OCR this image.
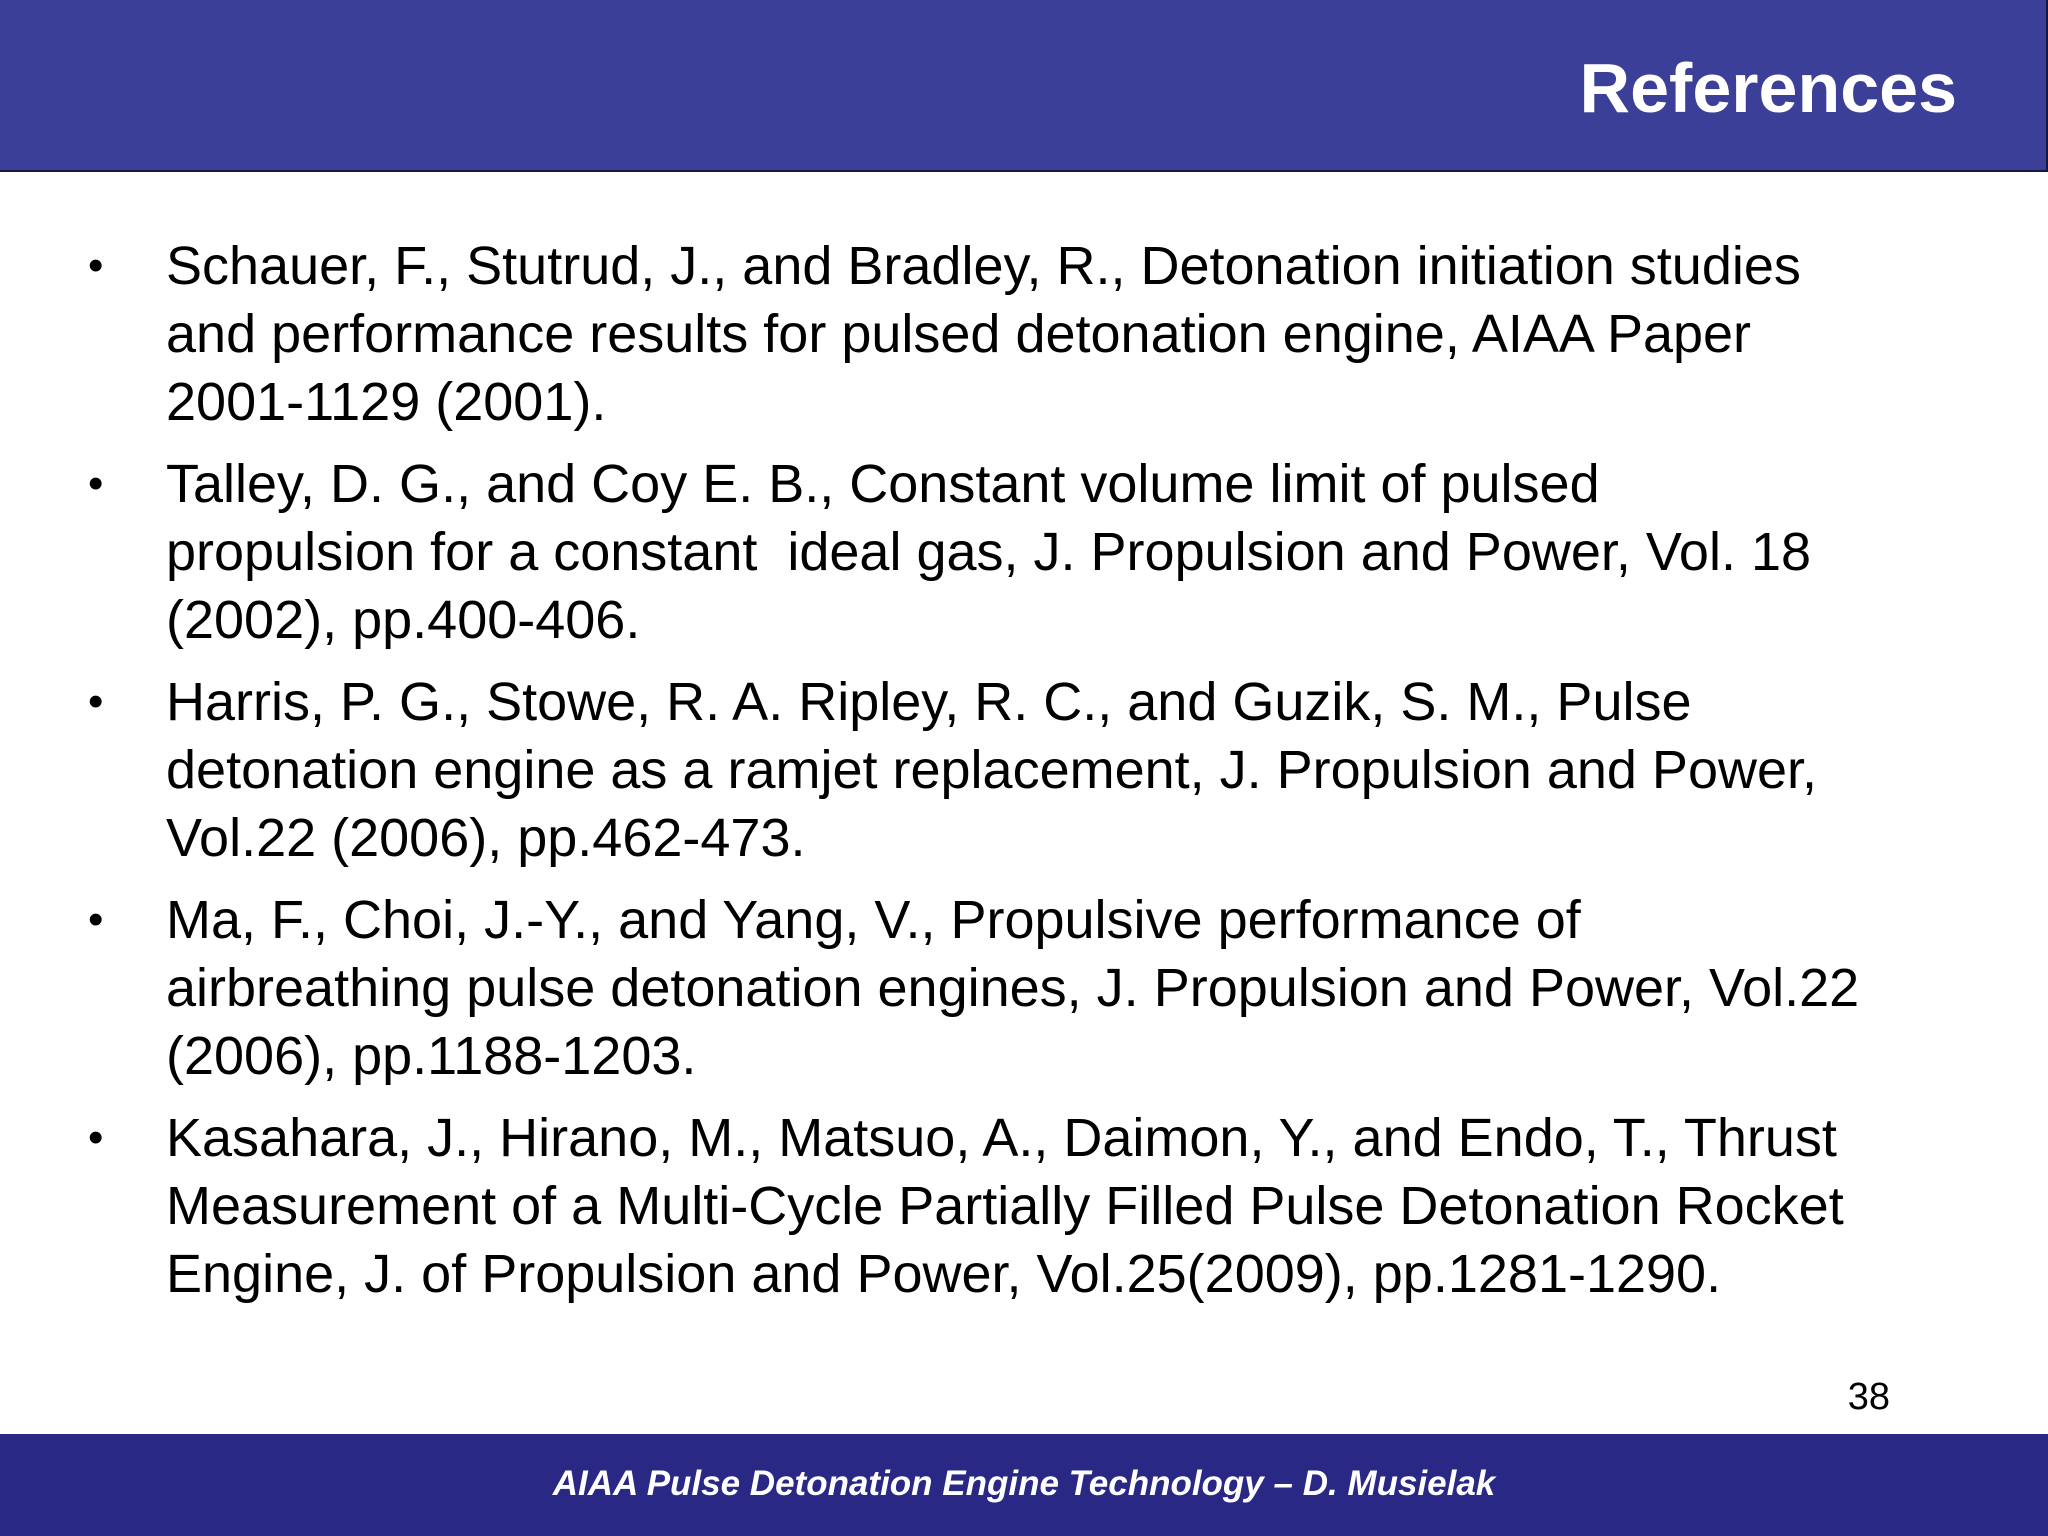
References
• Schauer, F., Stutrud, J., and Bradley, R., Detonation initiation studies
and performance results for pulsed detonation engine, AIAA Paper
2001-1129 (2001).
• Talley, D. G., and Coy E. B., Constant volume limit of pulsed
propulsion for a constant  ideal gas, J. Propulsion and Power, Vol. 18
(2002), pp.400-406.
• Harris, P. G., Stowe, R. A. Ripley, R. C., and Guzik, S. M., Pulse
detonation engine as a ramjet replacement, J. Propulsion and Power,
Vol.22 (2006), pp.462-473.
• Ma, F., Choi, J.-Y., and Yang, V., Propulsive performance of
airbreathing pulse detonation engines, J. Propulsion and Power, Vol.22
(2006), pp.1188-1203.
• Kasahara, J., Hirano, M., Matsuo, A., Daimon, Y., and Endo, T., Thrust
Measurement of a Multi-Cycle Partially Filled Pulse Detonation Rocket
Engine, J. of Propulsion and Power, Vol.25(2009), pp.1281-1290.
38
AIAA Pulse Detonation Engine Technology – D. Musielak
